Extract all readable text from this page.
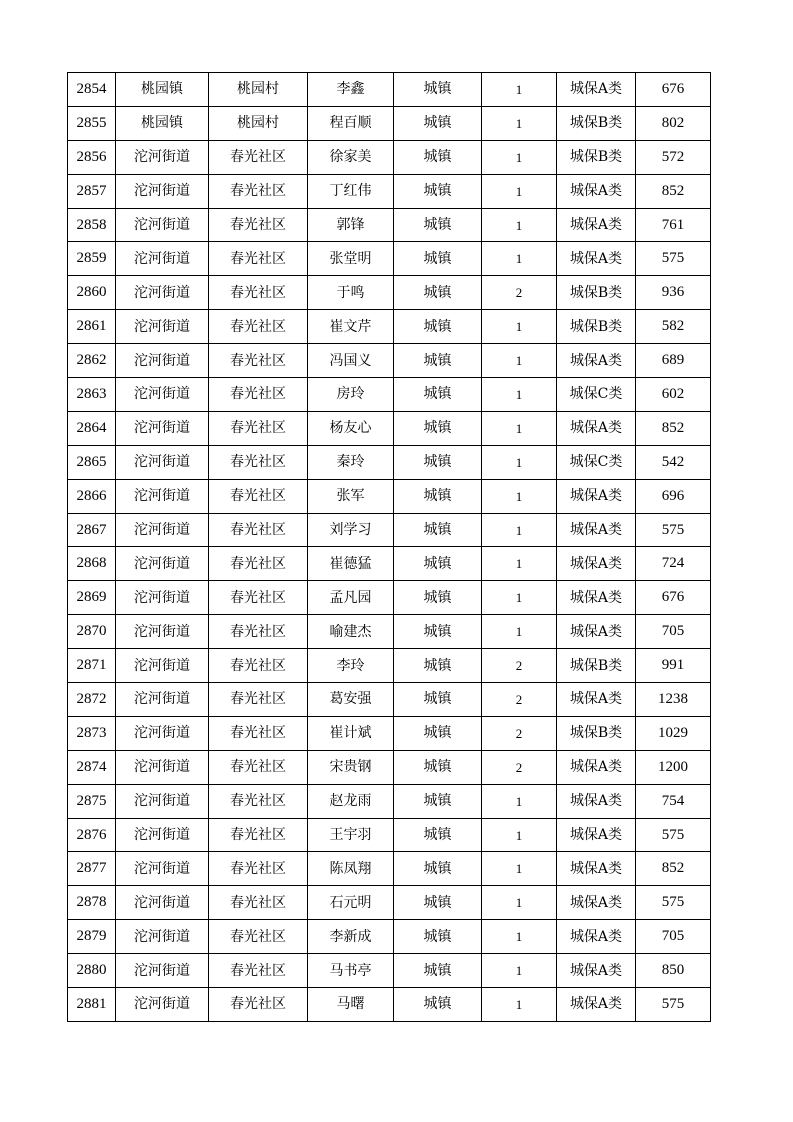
2854	桃园镇	桃园村	李鑫	城镇	1	城保A类	676
2855	桃园镇	桃园村	程百顺	城镇	1	城保B类	802
2856	沱河街道	春光社区	徐家美	城镇	1	城保B类	572
2857	沱河街道	春光社区	丁红伟	城镇	1	城保A类	852
2858	沱河街道	春光社区	郭锋	城镇	1	城保A类	761
2859	沱河街道	春光社区	张堂明	城镇	1	城保A类	575
2860	沱河街道	春光社区	于鸣	城镇	2	城保B类	936
2861	沱河街道	春光社区	崔文芹	城镇	1	城保B类	582
2862	沱河街道	春光社区	冯国义	城镇	1	城保A类	689
2863	沱河街道	春光社区	房玲	城镇	1	城保C类	602
2864	沱河街道	春光社区	杨友心	城镇	1	城保A类	852
2865	沱河街道	春光社区	秦玲	城镇	1	城保C类	542
2866	沱河街道	春光社区	张军	城镇	1	城保A类	696
2867	沱河街道	春光社区	刘学习	城镇	1	城保A类	575
2868	沱河街道	春光社区	崔德猛	城镇	1	城保A类	724
2869	沱河街道	春光社区	孟凡园	城镇	1	城保A类	676
2870	沱河街道	春光社区	喻建杰	城镇	1	城保A类	705
2871	沱河街道	春光社区	李玲	城镇	2	城保B类	991
2872	沱河街道	春光社区	葛安强	城镇	2	城保A类	1238
2873	沱河街道	春光社区	崔计斌	城镇	2	城保B类	1029
2874	沱河街道	春光社区	宋贵钢	城镇	2	城保A类	1200
2875	沱河街道	春光社区	赵龙雨	城镇	1	城保A类	754
2876	沱河街道	春光社区	王宇羽	城镇	1	城保A类	575
2877	沱河街道	春光社区	陈凤翔	城镇	1	城保A类	852
2878	沱河街道	春光社区	石元明	城镇	1	城保A类	575
2879	沱河街道	春光社区	李新成	城镇	1	城保A类	705
2880	沱河街道	春光社区	马书亭	城镇	1	城保A类	850
2881	沱河街道	春光社区	马曙	城镇	1	城保A类	575
